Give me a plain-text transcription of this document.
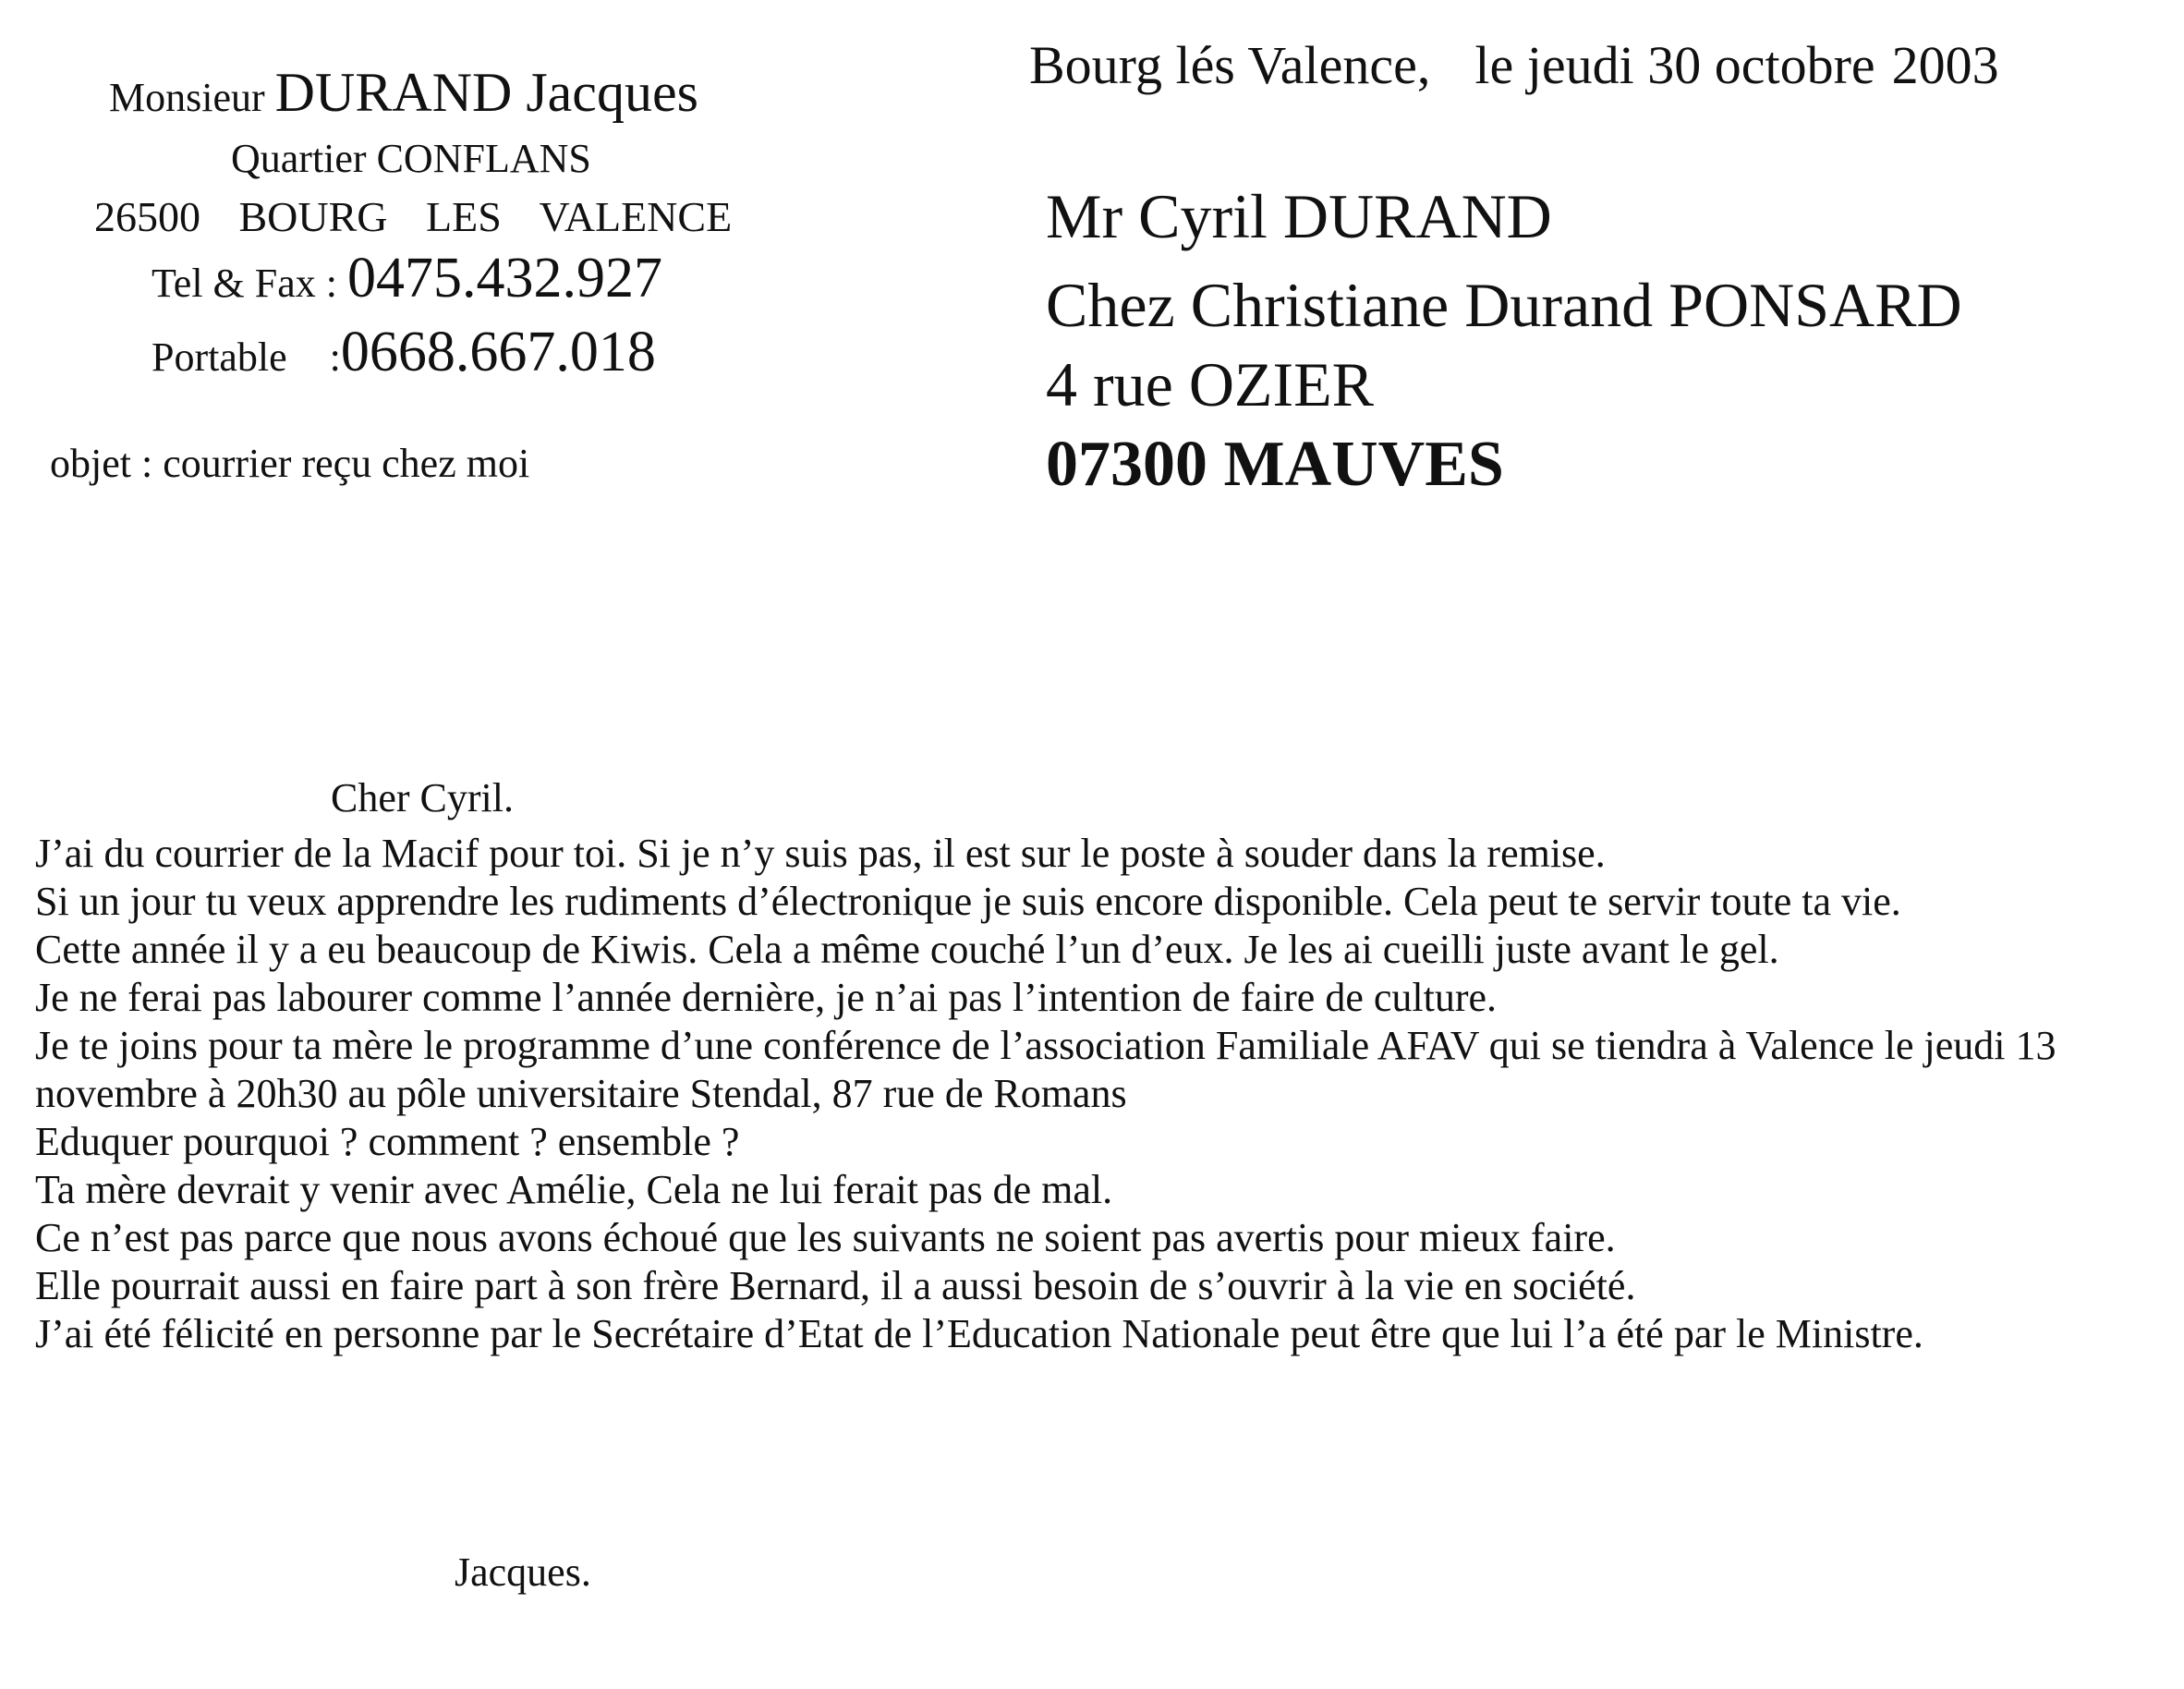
Monsieur DURAND Jacques
Quartier CONFLANS
26500 BOURG LES VALENCE
Tel & Fax : 0475.432.927
Portable :0668.667.018
objet : courrier reçu chez moi
Bourg lés Valence, le jeudi 30 octobre 2003
Mr Cyril DURAND
Chez Christiane Durand PONSARD
4 rue OZIER
07300 MAUVES
Cher Cyril.

J’ai du courrier de la Macif pour toi. Si je n’y suis pas, il est sur le poste à souder dans la remise.

Si un jour tu veux apprendre les rudiments d’électronique je suis encore disponible. Cela peut te servir toute ta vie.

Cette année il y a eu beaucoup de Kiwis. Cela a même couché l’un d’eux. Je les ai cueilli juste avant le gel.

Je ne ferai pas labourer comme l’année dernière, je n’ai pas l’intention de faire de culture.

Je te joins pour ta mère le programme d’une conférence de l’association Familiale AFAV qui se tiendra à Valence le jeudi 13 novembre à 20h30 au pôle universitaire Stendal, 87 rue de Romans

Eduquer pourquoi ? comment ? ensemble ?

Ta mère devrait y venir avec Amélie, Cela ne lui ferait pas de mal.

Ce n’est pas parce que nous avons échoué que les suivants ne soient pas avertis pour mieux faire.

Elle pourrait aussi en faire part à son frère Bernard, il a aussi besoin de s’ouvrir à la vie en société.

J’ai été félicité en personne par le Secrétaire d’Etat de l’Education Nationale peut être que lui l’a été par le Ministre.

Jacques.
